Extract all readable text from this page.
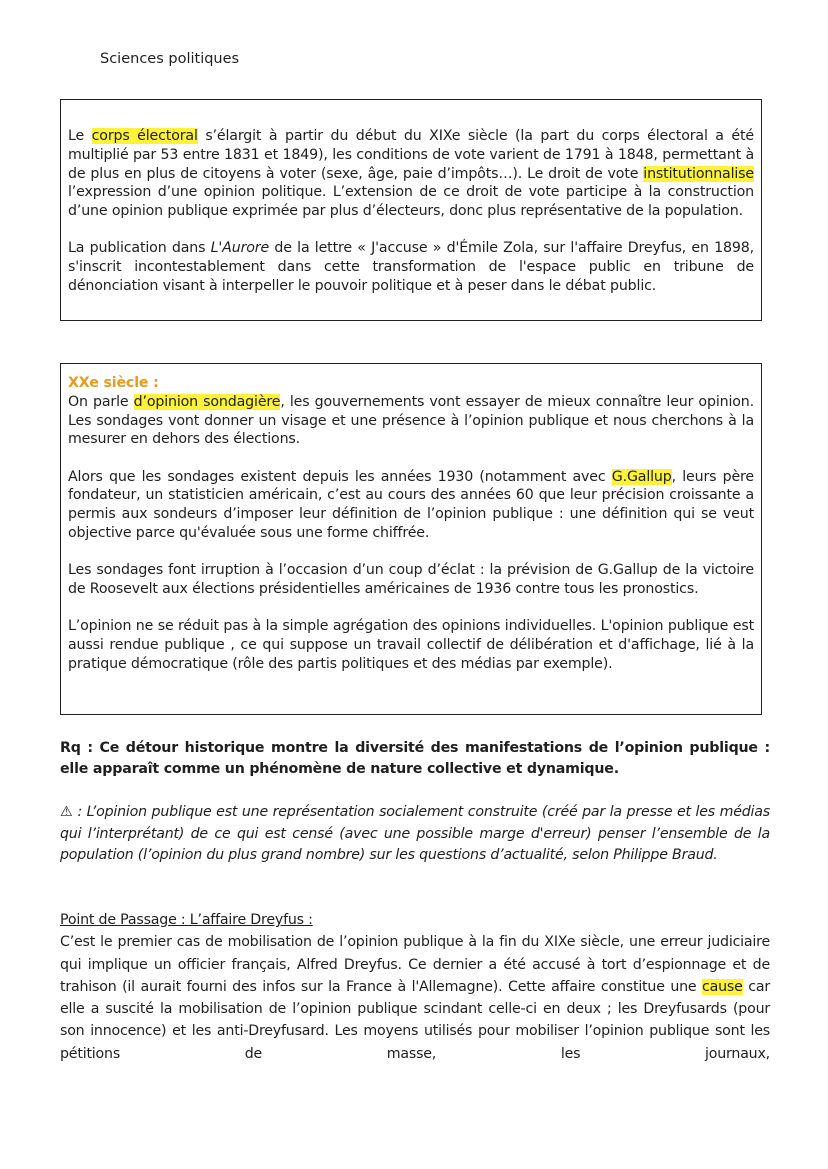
Sciences politiques

Le corps électoral s’élargit à partir du début du XIXe siècle (la part du corps électoral a été multiplié par 53 entre 1831 et 1849), les conditions de vote varient de 1791 à 1848, permettant à de plus en plus de citoyens à voter (sexe, âge, paie d’impôts…). Le droit de vote institutionnalise l’expression d’une opinion politique. L’extension de ce droit de vote participe à la construction d’une opinion publique exprimée par plus d’électeurs, donc plus représentative de la population.

La publication dans L'Aurore de la lettre « J'accuse » d'Émile Zola, sur l'affaire Dreyfus, en 1898, s'inscrit incontestablement dans cette transformation de l'espace public en tribune de dénonciation visant à interpeller le pouvoir politique et à peser dans le débat public.

XXe siècle :

On parle d’opinion sondagière, les gouvernements vont essayer de mieux connaître leur opinion. Les sondages vont donner un visage et une présence à l’opinion publique et nous cherchons à la mesurer en dehors des élections.

Alors que les sondages existent depuis les années 1930 (notamment avec G.Gallup, leurs père fondateur, un statisticien américain, c’est au cours des années 60 que leur précision croissante a permis aux sondeurs d’imposer leur définition de l’opinion publique : une définition qui se veut objective parce qu'évaluée sous une forme chiffrée.

Les sondages font irruption à l’occasion d’un coup d’éclat : la prévision de G.Gallup de la victoire de Roosevelt aux élections présidentielles américaines de 1936 contre tous les pronostics.

L’opinion ne se réduit pas à la simple agrégation des opinions individuelles. L'opinion publique est aussi rendue publique , ce qui suppose un travail collectif de délibération et d'affichage, lié à la pratique démocratique (rôle des partis politiques et des médias par exemple).

Rq : Ce détour historique montre la diversité des manifestations de l’opinion publique : elle apparaît comme un phénomène de nature collective et dynamique.
⚠ : L’opinion publique est une représentation socialement construite (créé par la presse et les médias qui l’interprétant) de ce qui est censé (avec une possible marge d'erreur) penser l’ensemble de la population (l’opinion du plus grand nombre) sur les questions d’actualité, selon Philippe Braud.
Point de Passage : L’affaire Dreyfus :
C’est le premier cas de mobilisation de l’opinion publique à la fin du XIXe siècle, une erreur judiciaire qui implique un officier français, Alfred Dreyfus. Ce dernier a été accusé à tort d’espionnage et de trahison (il aurait fourni des infos sur la France à l'Allemagne). Cette affaire constitue une cause car elle a suscité la mobilisation de l’opinion publique scindant celle-ci en deux ; les Dreyfusards (pour son innocence) et les anti-Dreyfusard. Les moyens utilisés pour mobiliser l’opinion publique sont les pétitions de masse, les journaux,
